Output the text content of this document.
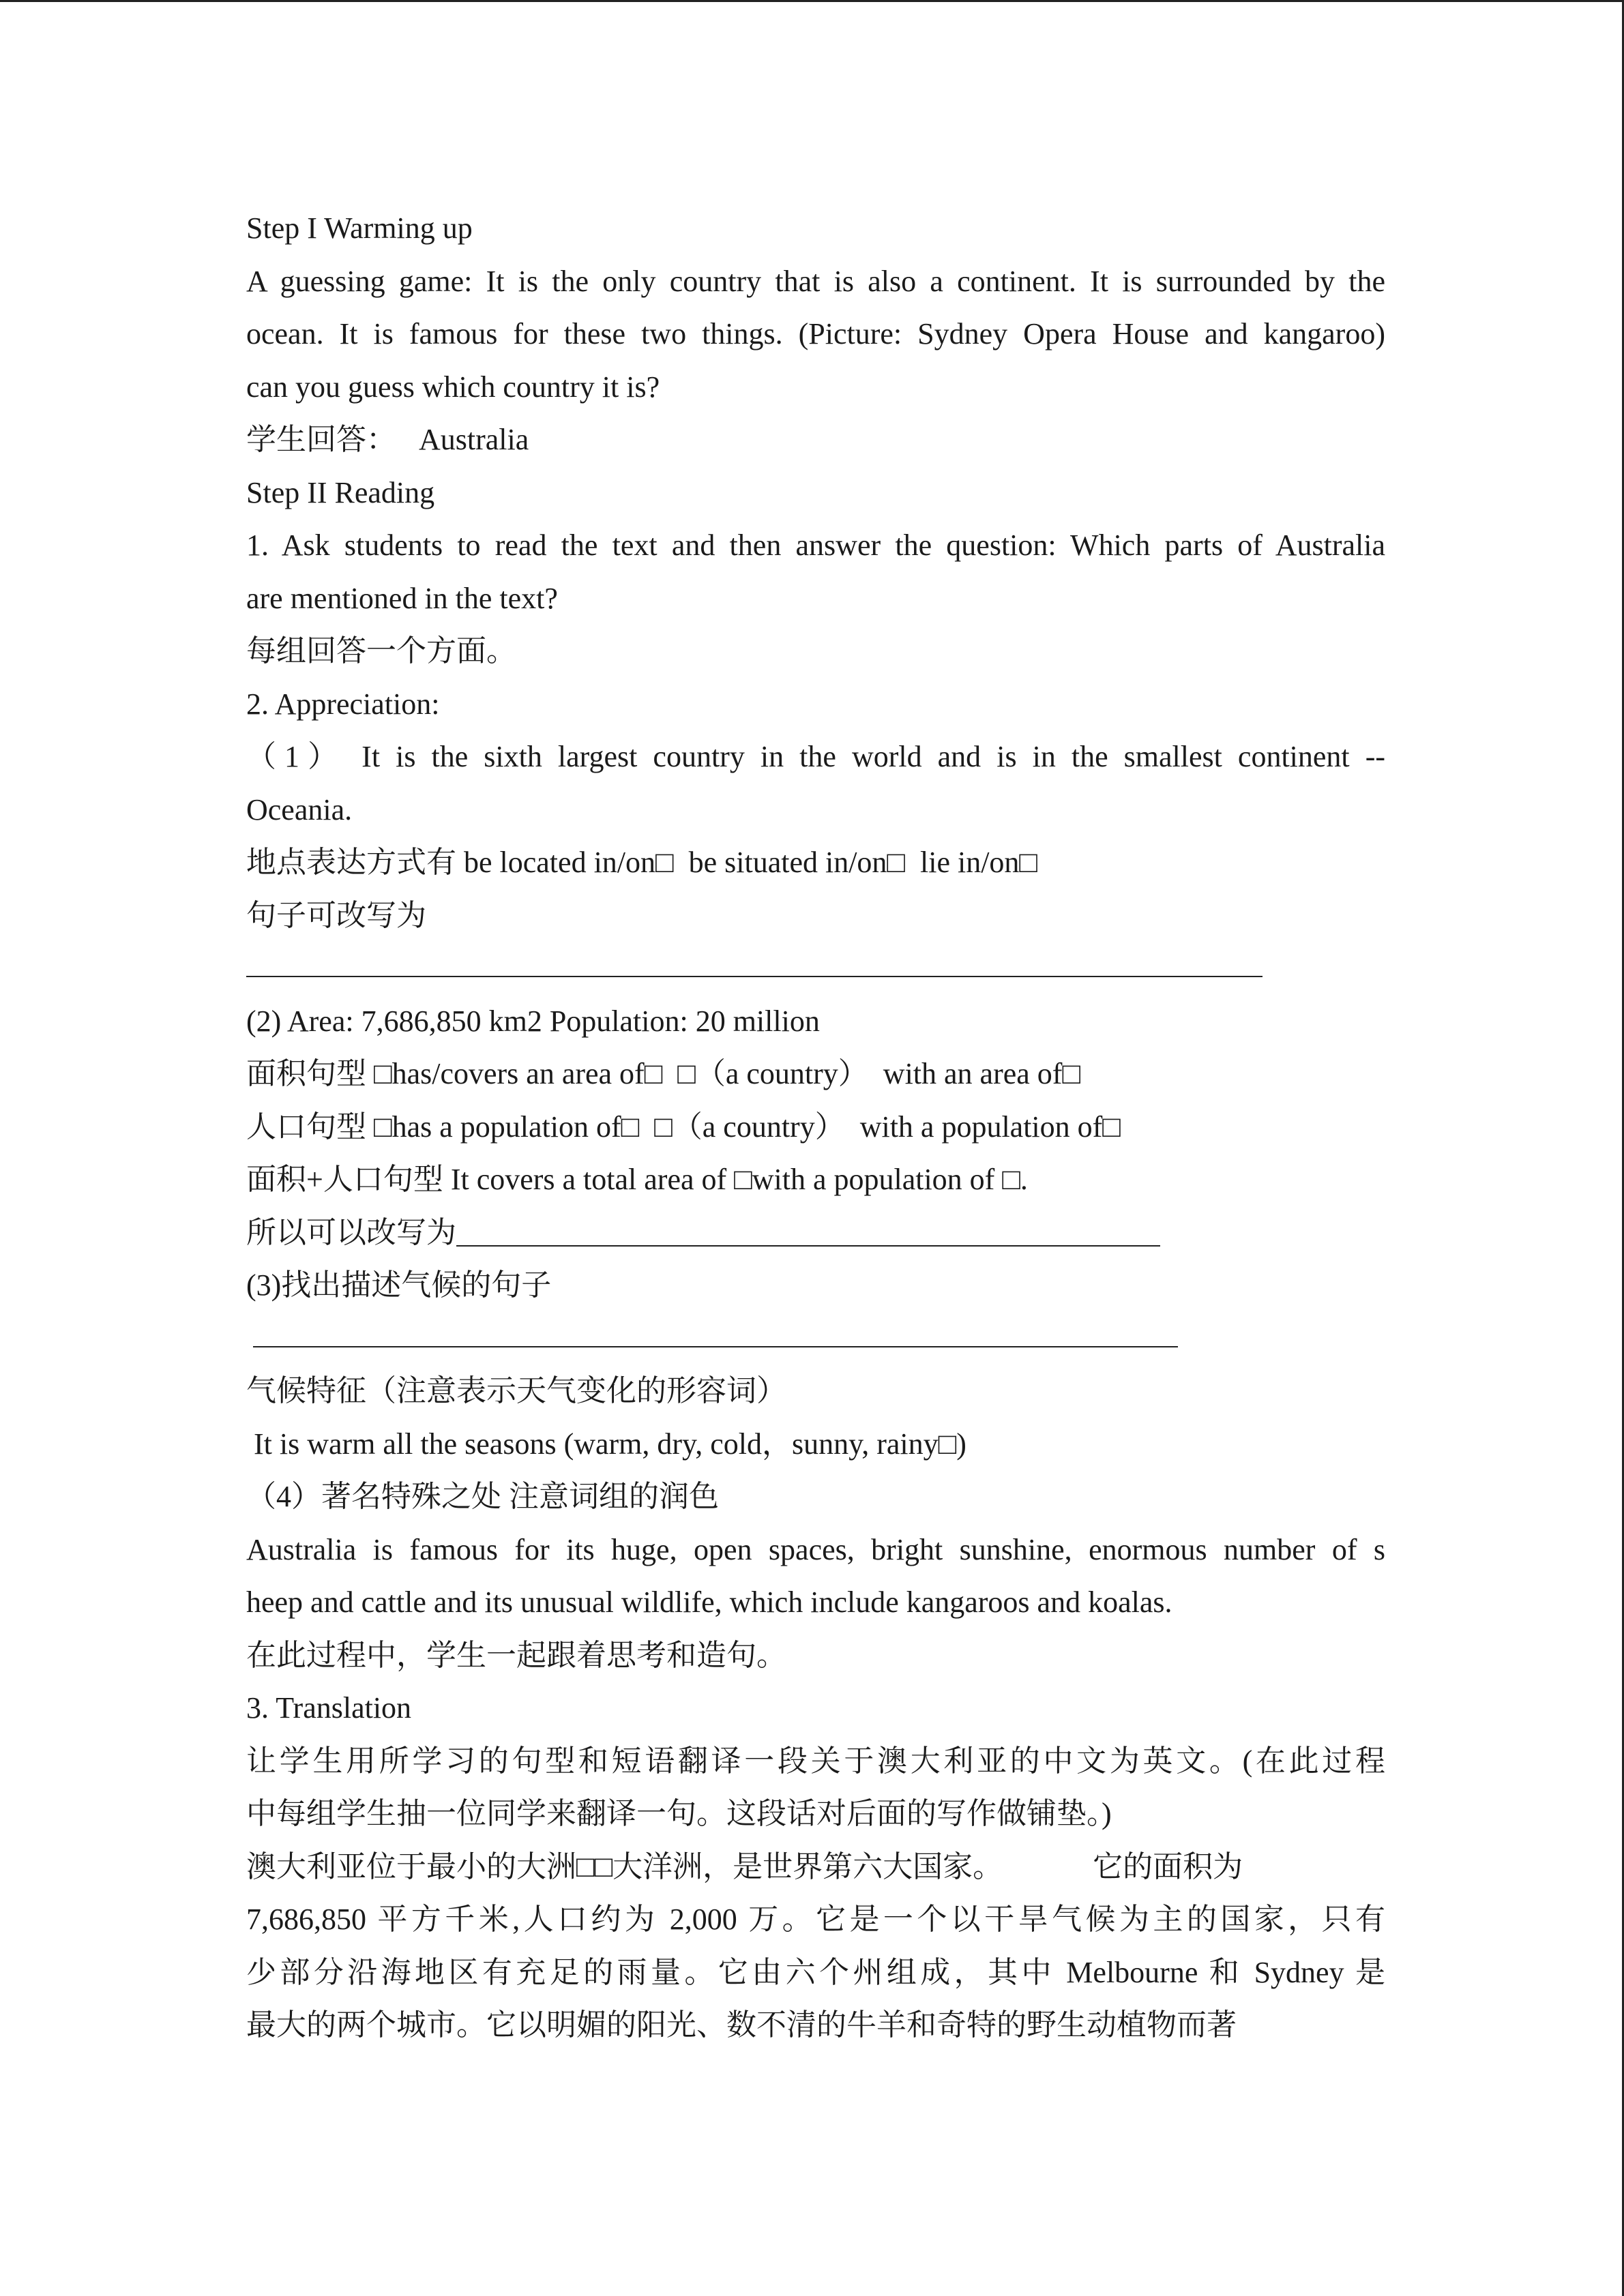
Step I Warming up
A guessing game: It is the only country that is also a continent. It is surrounded by the
ocean. It is famous for these two things. (Picture: Sydney Opera House and kangaroo)
can you guess which country it is?
学生回答：   Australia
Step II Reading
1. Ask students to read the text and then answer the question: Which parts of Australia
are mentioned in the text?
每组回答一个方面。
2. Appreciation:
（1） It is the sixth largest country in the world and is in the smallest continent --
Oceania.
地点表达方式有 be located in/on□  be situated in/on□  lie in/on□
句子可改写为
(2) Area: 7,686,850 km2 Population: 20 million
面积句型 □has/covers an area of□  □（a country）  with an area of□
人口句型 □has a population of□  □（a country）  with a population of□
面积+人口句型 It covers a total area of □with a population of □.
所以可以改写为
(3)找出描述气候的句子
气候特征（注意表示天气变化的形容词）
It is warm all the seasons (warm, dry, cold，sunny, rainy□)
（4）著名特殊之处 注意词组的润色
Australia is famous for its huge, open spaces, bright sunshine, enormous number of s
heep and cattle and its unusual wildlife, which include kangaroos and koalas.
在此过程中，学生一起跟着思考和造句。
3. Translation
让学生用所学习的句型和短语翻译一段关于澳大利亚的中文为英文。(在此过程
中每组学生抽一位同学来翻译一句。这段话对后面的写作做铺垫。)
澳大利亚位于最小的大洲□□大洋洲，是世界第六大国家。            它的面积为
7,686,850 平方千米,人口约为 2,000 万。它是一个以干旱气候为主的国家，只有
少部分沿海地区有充足的雨量。它由六个州组成，其中 Melbourne 和 Sydney 是
最大的两个城市。它以明媚的阳光、数不清的牛羊和奇特的野生动植物而著
